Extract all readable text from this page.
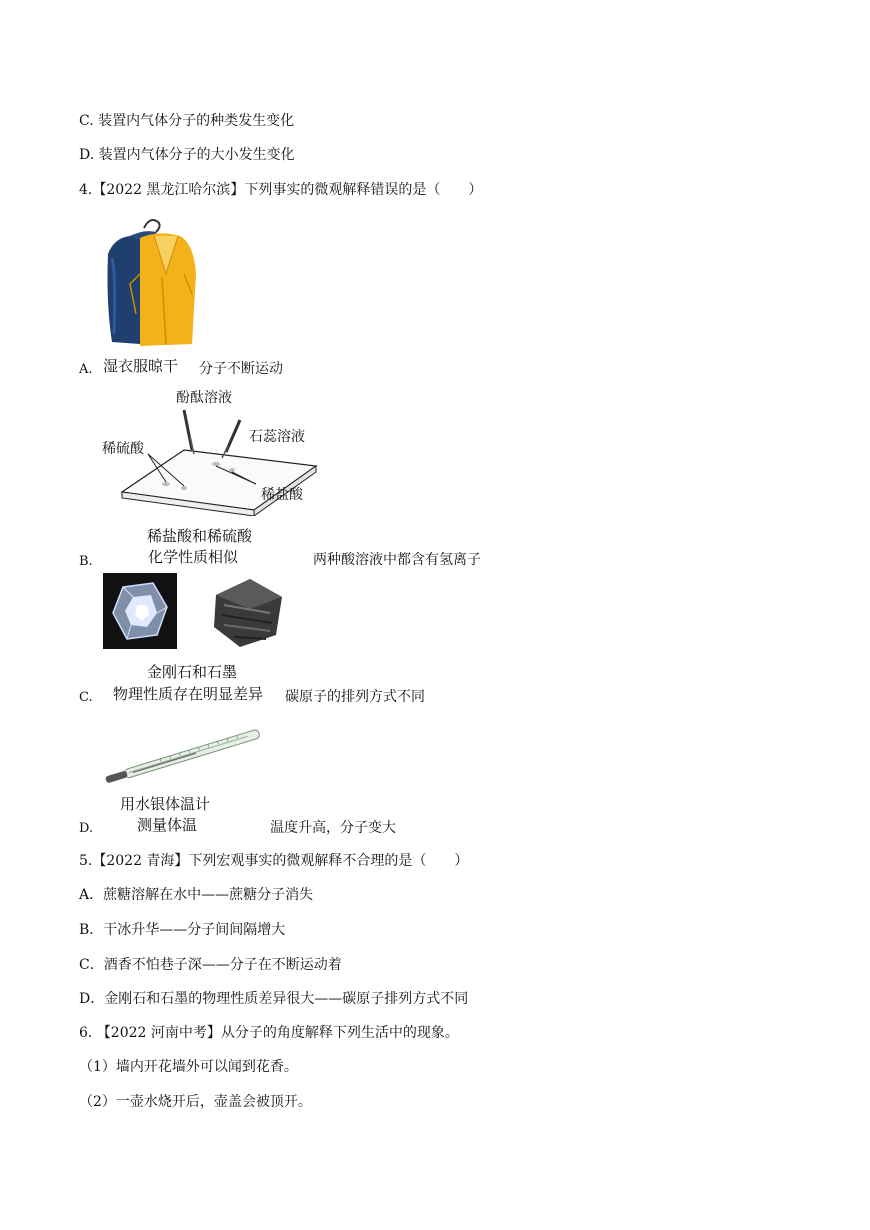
C. 装置内气体分子的种类发生变化
D. 装置内气体分子的大小发生变化
4.【2022 黑龙江哈尔滨】下列事实的微观解释错误的是（　　）
A. 湿衣服晾干 分子不断运动
酚酞溶液
石蕊溶液
稀硫酸
稀盐酸
稀盐酸和稀硫酸
化学性质相似
B.	两种酸溶液中都含有氢离子
金刚石和石墨
物理性质存在明显差异
C.	碳原子的排列方式不同
用水银体温计
测量体温
D.	温度升高，分子变大
5.【2022 青海】下列宏观事实的微观解释不合理的是（　　）
A．蔗糖溶解在水中——蔗糖分子消失
B．干冰升华——分子间间隔增大
C．酒香不怕巷子深——分子在不断运动着
D．金刚石和石墨的物理性质差异很大——碳原子排列方式不同
6. 【2022 河南中考】从分子的角度解释下列生活中的现象。
（1）墙内开花墙外可以闻到花香。
（2）一壶水烧开后，壶盖会被顶开。
